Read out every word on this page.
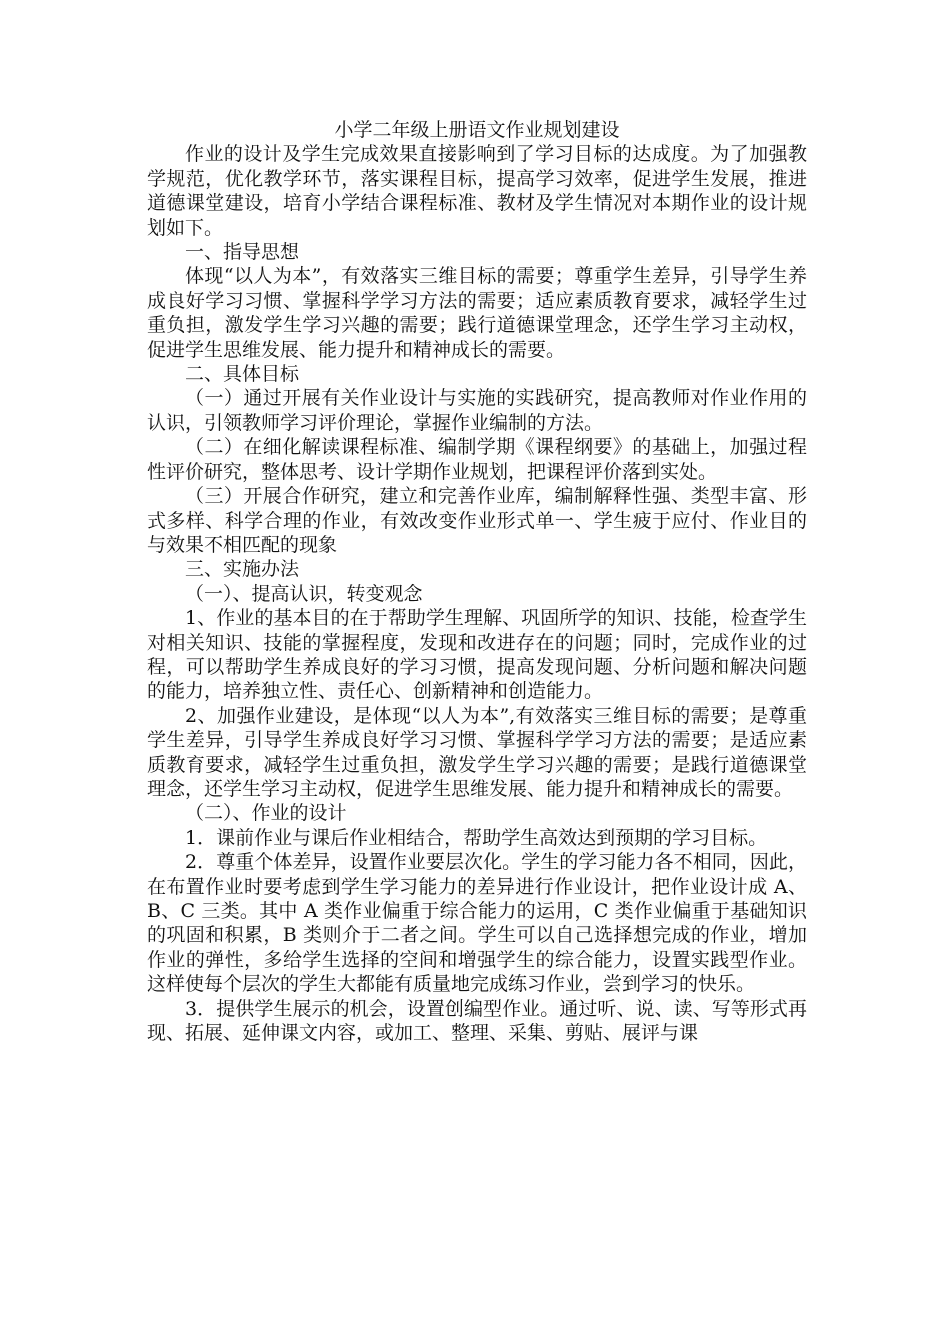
小学二年级上册语文作业规划建设

作业的设计及学生完成效果直接影响到了学习目标的达成度。为了加强教学规范，优化教学环节，落实课程目标，提高学习效率，促进学生发展，推进道德课堂建设，培育小学结合课程标准、教材及学生情况对本期作业的设计规划如下。

一、指导思想

体现“以人为本”，有效落实三维目标的需要；尊重学生差异，引导学生养成良好学习习惯、掌握科学学习方法的需要；适应素质教育要求，减轻学生过重负担，激发学生学习兴趣的需要；践行道德课堂理念，还学生学习主动权，促进学生思维发展、能力提升和精神成长的需要。

二、具体目标

（一）通过开展有关作业设计与实施的实践研究，提高教师对作业作用的认识，引领教师学习评价理论，掌握作业编制的方法。

（二）在细化解读课程标准、编制学期《课程纲要》的基础上，加强过程性评价研究，整体思考、设计学期作业规划，把课程评价落到实处。

（三）开展合作研究，建立和完善作业库，编制解释性强、类型丰富、形式多样、科学合理的作业，有效改变作业形式单一、学生疲于应付、作业目的与效果不相匹配的现象

三、实施办法

（一）、提高认识，转变观念

1、作业的基本目的在于帮助学生理解、巩固所学的知识、技能，检查学生对相关知识、技能的掌握程度，发现和改进存在的问题；同时，完成作业的过程，可以帮助学生养成良好的学习习惯，提高发现问题、分析问题和解决问题的能力，培养独立性、责任心、创新精神和创造能力。

2、加强作业建设，是体现“以人为本”,有效落实三维目标的需要；是尊重学生差异，引导学生养成良好学习习惯、掌握科学学习方法的需要；是适应素质教育要求，减轻学生过重负担，激发学生学习兴趣的需要；是践行道德课堂理念，还学生学习主动权，促进学生思维发展、能力提升和精神成长的需要。

（二）、作业的设计

1．课前作业与课后作业相结合，帮助学生高效达到预期的学习目标。

2．尊重个体差异，设置作业要层次化。学生的学习能力各不相同，因此，在布置作业时要考虑到学生学习能力的差异进行作业设计，把作业设计成 A、B、C 三类。其中 A 类作业偏重于综合能力的运用，C 类作业偏重于基础知识的巩固和积累，B 类则介于二者之间。学生可以自己选择想完成的作业，增加作业的弹性，多给学生选择的空间和增强学生的综合能力，设置实践型作业。这样使每个层次的学生大都能有质量地完成练习作业，尝到学习的快乐。

3．提供学生展示的机会，设置创编型作业。通过听、说、读、写等形式再现、拓展、延伸课文内容，或加工、整理、采集、剪贴、展评与课
